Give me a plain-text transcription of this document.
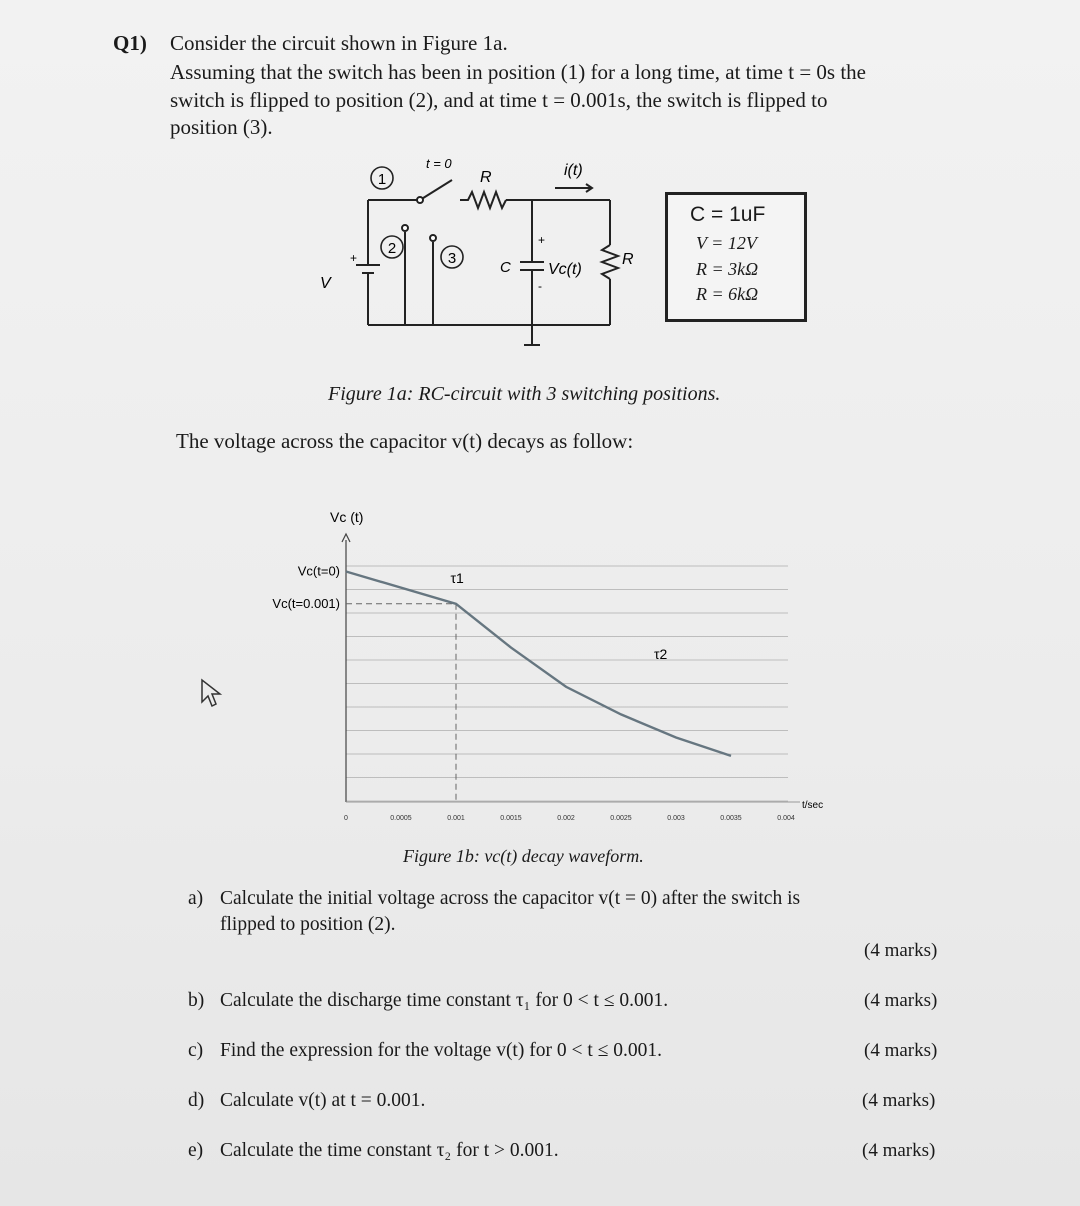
Q1) Consider the circuit shown in Figure 1a.
Assuming that the switch has been in position (1) for a long time, at time t = 0s the
switch is flipped to position (2), and at time t = 0.001s, the switch is flipped to
position (3).
1
2
3
t = 0
R	i(t)
C
+
-
Vc(t)
R
V
+
C = 1uF
V = 12V
R = 3kΩ
R = 6kΩ
Figure 1a: RC-circuit with 3 switching positions.
The voltage across the capacitor v(t) decays as follow:
Vc (t)
t/sec
Vc(t=0)
Vc(t=0.001)
0	0.0005	0.001	0.0015	0.002	0.0025	0.003	0.0035	0.004
τ1
τ2
Figure 1b: vc(t) decay waveform.
a) Calculate the initial voltage across the capacitor v(t = 0) after the switch is
flipped to position (2).
(4 marks)
b) Calculate the discharge time constant τ₁ for 0 < t ≤ 0.001.	(4 marks)
c) Find the expression for the voltage v(t) for 0 < t ≤ 0.001.	(4 marks)
d) Calculate v(t) at t = 0.001.	(4 marks)
e) Calculate the time constant τ₂ for t > 0.001.	(4 marks)
